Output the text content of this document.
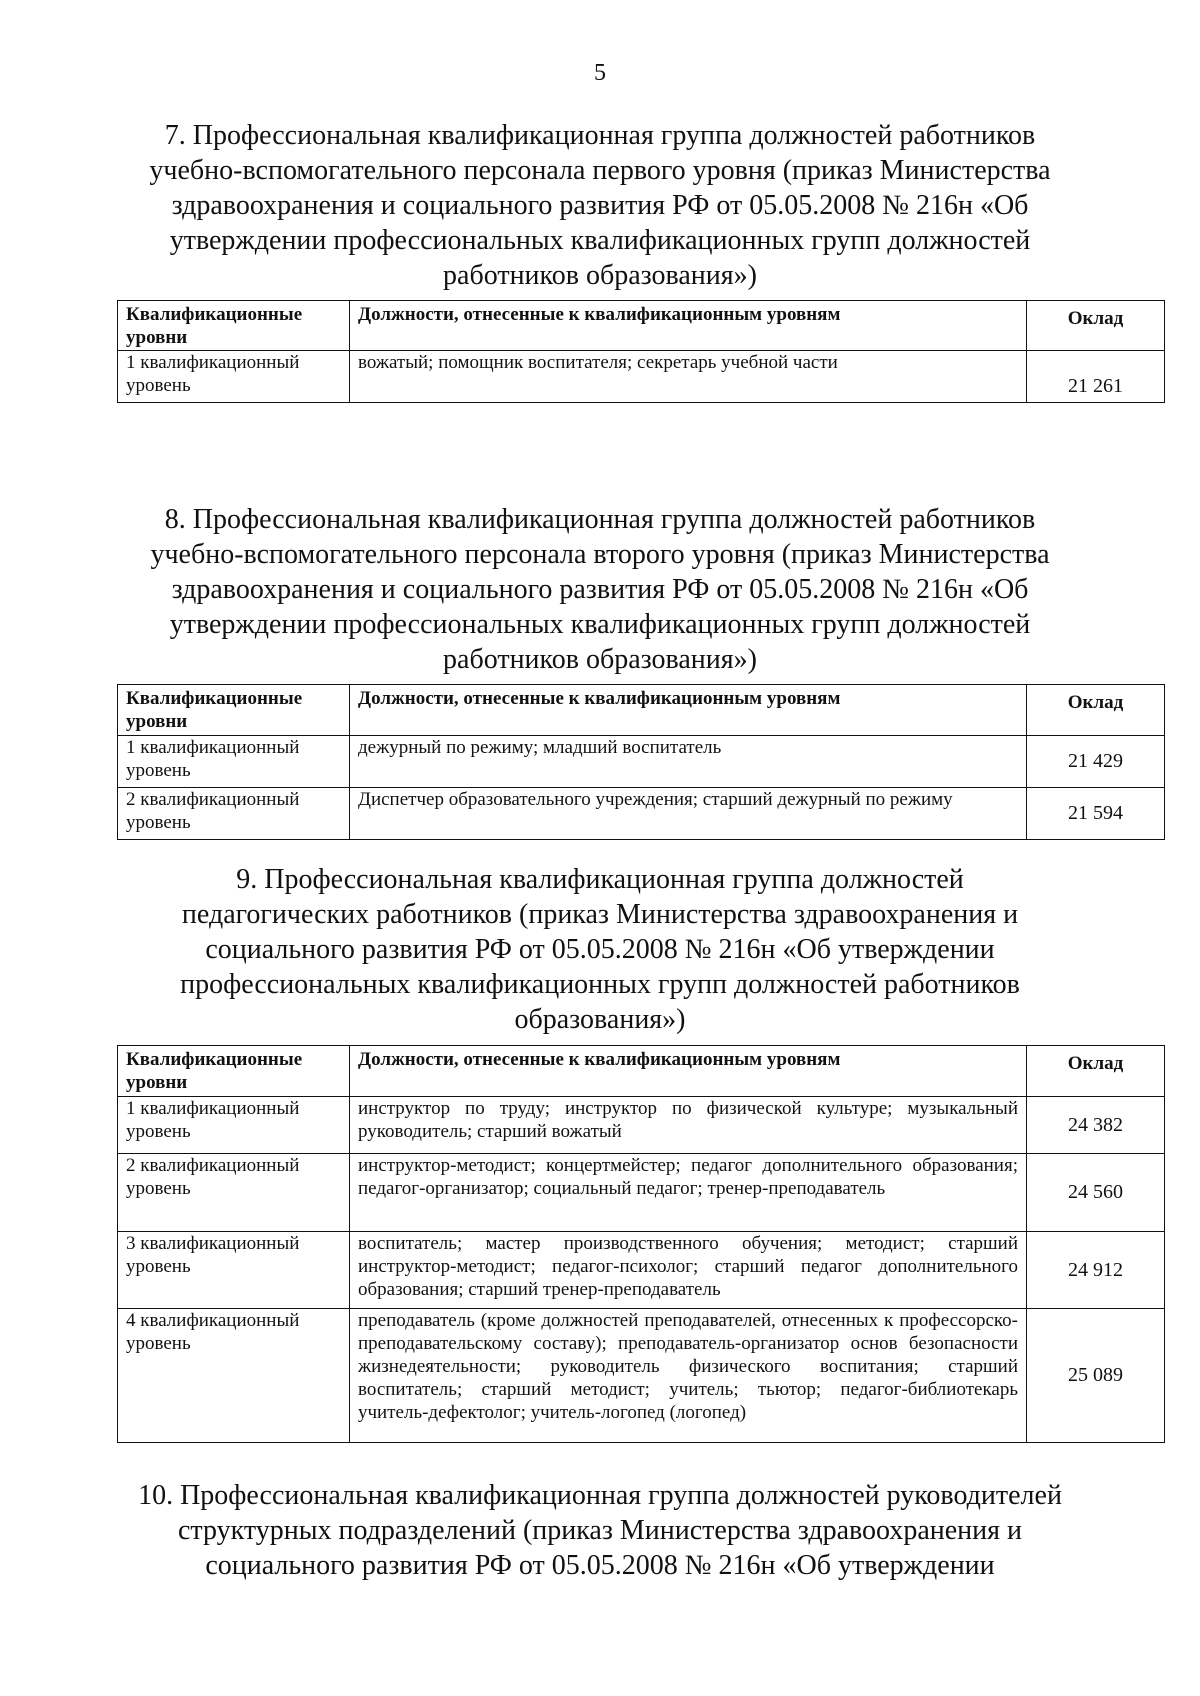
5
7. Профессиональная квалификационная группа должностей работников
учебно-вспомогательного персонала первого уровня (приказ Министерства
здравоохранения и социального развития РФ от 05.05.2008 № 216н «Об
утверждении профессиональных квалификационных групп должностей
работников образования»)
Квалификационные уровни	Должности, отнесенные к квалификационным уровням	Оклад
1 квалификационный уровень	вожатый; помощник воспитателя; секретарь учебной части	21 261
8. Профессиональная квалификационная группа должностей работников
учебно-вспомогательного персонала второго уровня (приказ Министерства
здравоохранения и социального развития РФ от 05.05.2008 № 216н «Об
утверждении профессиональных квалификационных групп должностей
работников образования»)
Квалификационные уровни	Должности, отнесенные к квалификационным уровням	Оклад
1 квалификационный уровень	дежурный по режиму; младший воспитатель	21 429
2 квалификационный уровень	Диспетчер образовательного учреждения; старший дежурный по режиму	21 594
9. Профессиональная квалификационная группа должностей
педагогических работников (приказ Министерства здравоохранения и
социального развития РФ от 05.05.2008 № 216н «Об утверждении
профессиональных квалификационных групп должностей работников
образования»)
Квалификационные уровни	Должности, отнесенные к квалификационным уровням	Оклад
1 квалификационный уровень	инструктор по труду; инструктор по физической культуре; музыкальный руководитель; старший вожатый	24 382
2 квалификационный уровень	инструктор-методист; концертмейстер; педагог дополнительного образования; педагог-организатор; социальный педагог; тренер-преподаватель	24 560
3 квалификационный уровень	воспитатель; мастер производственного обучения; методист; старший инструктор-методист; педагог-психолог; старший педагог дополнительного образования; старший тренер-преподаватель	24 912
4 квалификационный уровень	преподаватель (кроме должностей преподавателей, отнесенных к профессорско-преподавательскому составу); преподаватель-организатор основ безопасности жизнедеятельности; руководитель физического воспитания; старший воспитатель; старший методист; учитель; тьютор; педагог-библиотекарь учитель-дефектолог; учитель-логопед (логопед)	25 089
10. Профессиональная квалификационная группа должностей руководителей
структурных подразделений (приказ Министерства здравоохранения и
социального развития РФ от 05.05.2008 № 216н «Об утверждении
